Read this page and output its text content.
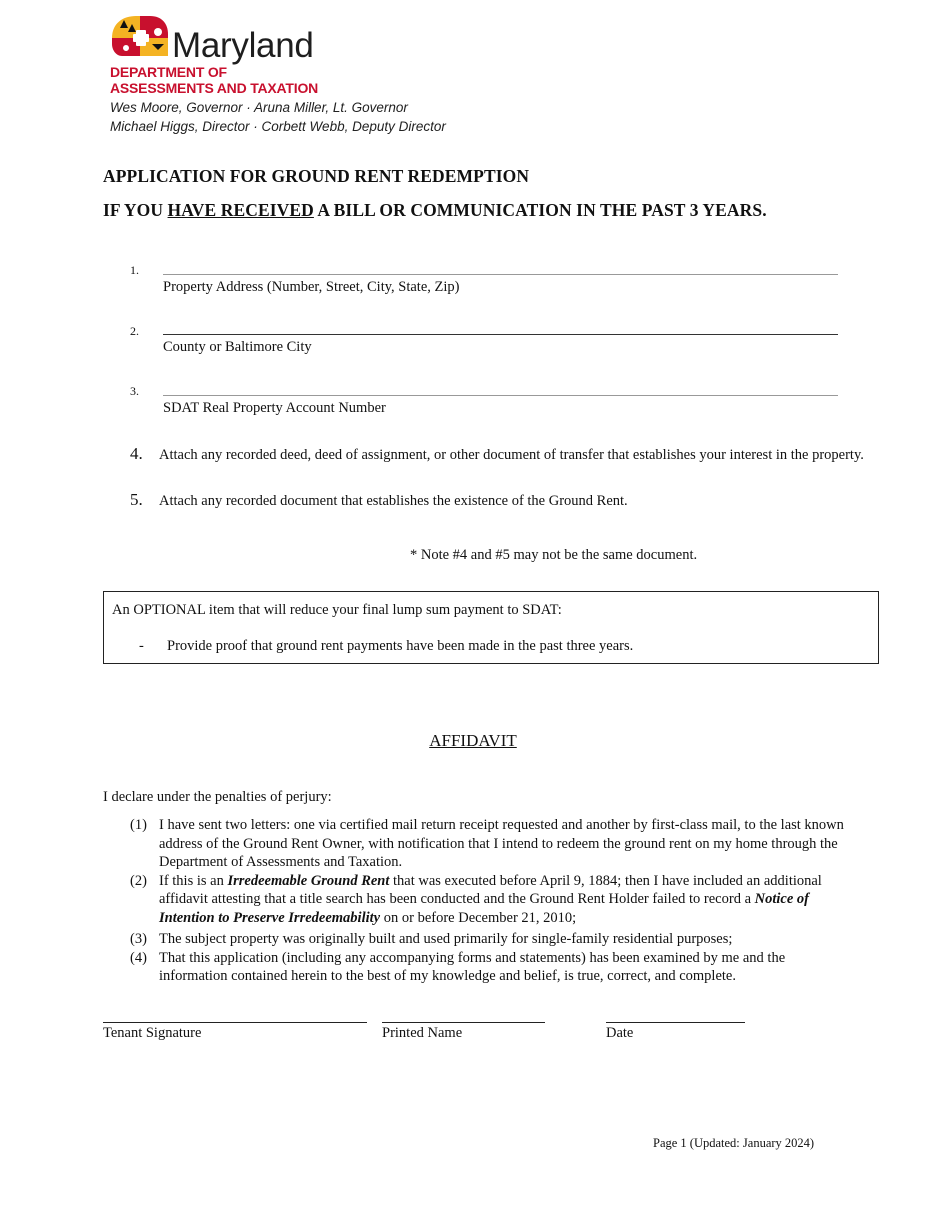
Maryland
DEPARTMENT OF
ASSESSMENTS AND TAXATION
Wes Moore, Governor · Aruna Miller, Lt. Governor
Michael Higgs, Director · Corbett Webb, Deputy Director
APPLICATION FOR GROUND RENT REDEMPTION
IF YOU HAVE RECEIVED A BILL OR COMMUNICATION IN THE PAST 3 YEARS.
1.
Property Address (Number, Street, City, State, Zip)
2.
County or Baltimore City
3.
SDAT Real Property Account Number
4. Attach any recorded deed, deed of assignment, or other document of transfer that establishes your interest in the property.
5. Attach any recorded document that establishes the existence of the Ground Rent.
* Note #4 and #5 may not be the same document.
An OPTIONAL item that will reduce your final lump sum payment to SDAT:
- Provide proof that ground rent payments have been made in the past three years.
AFFIDAVIT
I declare under the penalties of perjury:
(1) I have sent two letters: one via certified mail return receipt requested and another by first-class mail, to the last known address of the Ground Rent Owner, with notification that I intend to redeem the ground rent on my home through the Department of Assessments and Taxation.
(2) If this is an Irredeemable Ground Rent that was executed before April 9, 1884; then I have included an additional affidavit attesting that a title search has been conducted and the Ground Rent Holder failed to record a Notice of Intention to Preserve Irredeemability on or before December 21, 2010;
(3) The subject property was originally built and used primarily for single-family residential purposes;
(4) That this application (including any accompanying forms and statements) has been examined by me and the information contained herein to the best of my knowledge and belief, is true, correct, and complete.
Tenant Signature	Printed Name	Date
Page 1 (Updated: January 2024)
